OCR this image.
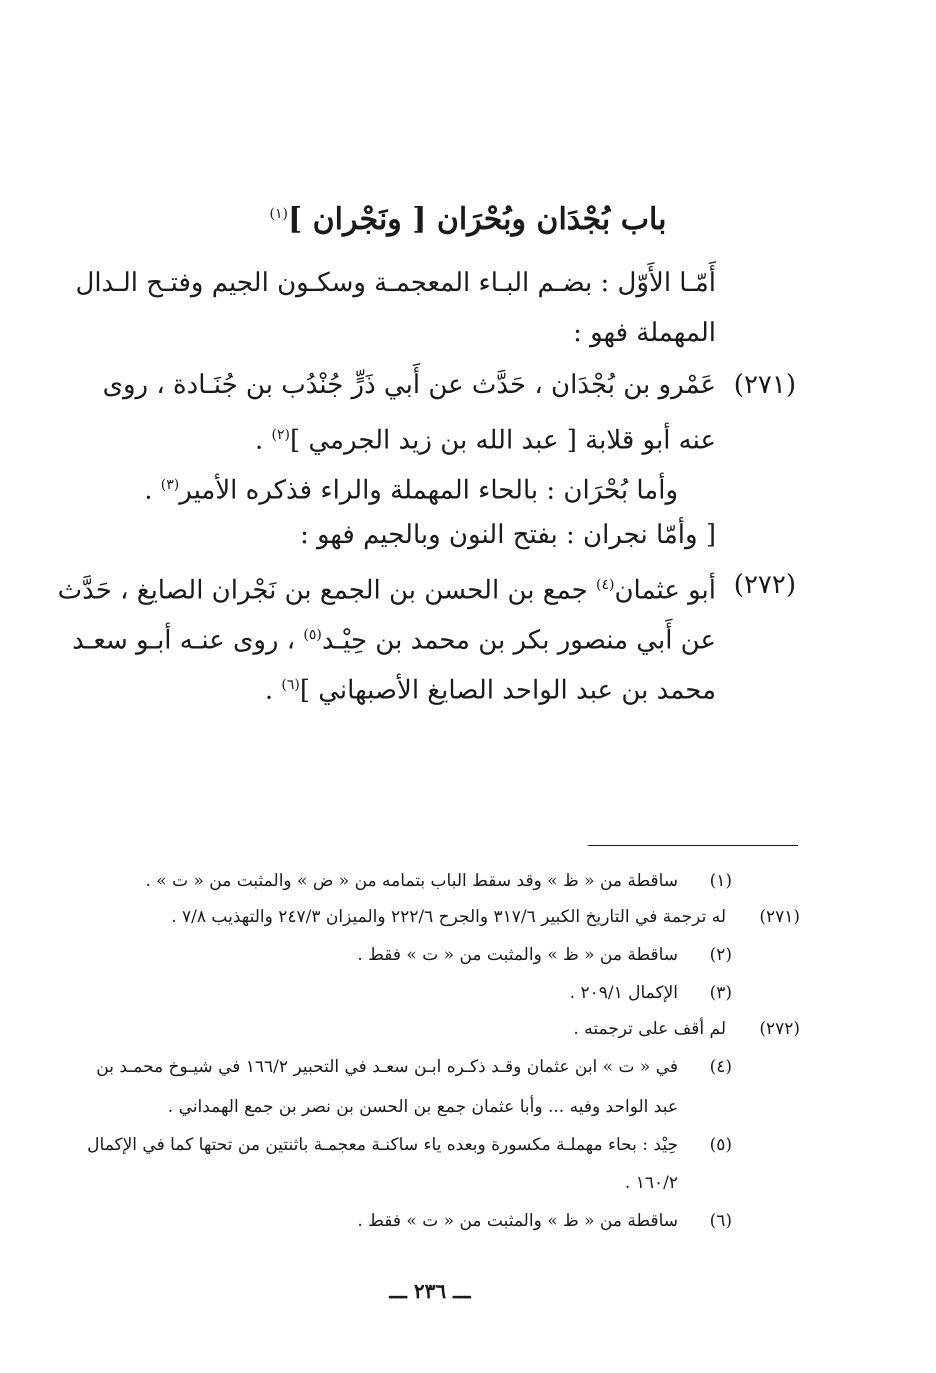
باب بُجْدَان وبُحْرَان [ ونَجْران ]$^{(١)}$
أَمّـا الأَوّل : بضـم البـاء المعجمـة وسكـون الجيم وفتـح الـدال
المهملة فهو :
(٢٧١)
عَمْرو بن بُجْدَان ، حَدَّث عن أَبي ذَرٍّ جُنْدُب بن جُنَـادة ، روى
عنه أبو قلابة [ عبد الله بن زيد الجرمي ]$^{(٢)}$ .
وأما بُحْرَان : بالحاء المهملة والراء فذكره الأمير$^{(٣)}$ .
[ وأمّا نجران : بفتح النون وبالجيم فهو :
(٢٧٢)
أبو عثمان$^{(٤)}$ جمع بن الحسن بن الجمع بن نَجْران الصايغ ، حَدَّث
عن أَبي منصور بكر بن محمد بن حِيْـد$^{(٥)}$ ، روى عنـه أبـو سعـد
محمد بن عبد الواحد الصايغ الأصبهاني ]$^{(٦)}$ .
(١)
ساقطة من « ظ » وقد سقط الباب بتمامه من « ض » والمثبت من « ت » .
(٢٧١)
له ترجمة في التاريخ الكبير ٣١٧/٦ والجرح ٢٢٢/٦ والميزان ٢٤٧/٣ والتهذيب ٧/٨ .
(٢)
ساقطة من « ظ » والمثبت من « ت » فقط .
(٣)
الإكمال ٢٠٩/١ .
(٢٧٢)
لم أقف على ترجمته .
(٤)
في « ت » ابن عثمان وقـد ذكـره ابـن سعـد في التحبير ١٦٦/٢ في شيـوخ محمـد بن
عبد الواحد وفيه ... وأبا عثمان جمع بن الحسن بن نصر بن جمع الهمداني .
(٥)
حِيْد : بحاء مهملـة مكسورة وبعده ياء ساكنـة معجمـة باثنتين من تحتها كما في الإكمال
١٦٠/٢ .
(٦)
ساقطة من « ظ » والمثبت من « ت » فقط .
ـــ ٢٣٦ ـــ
